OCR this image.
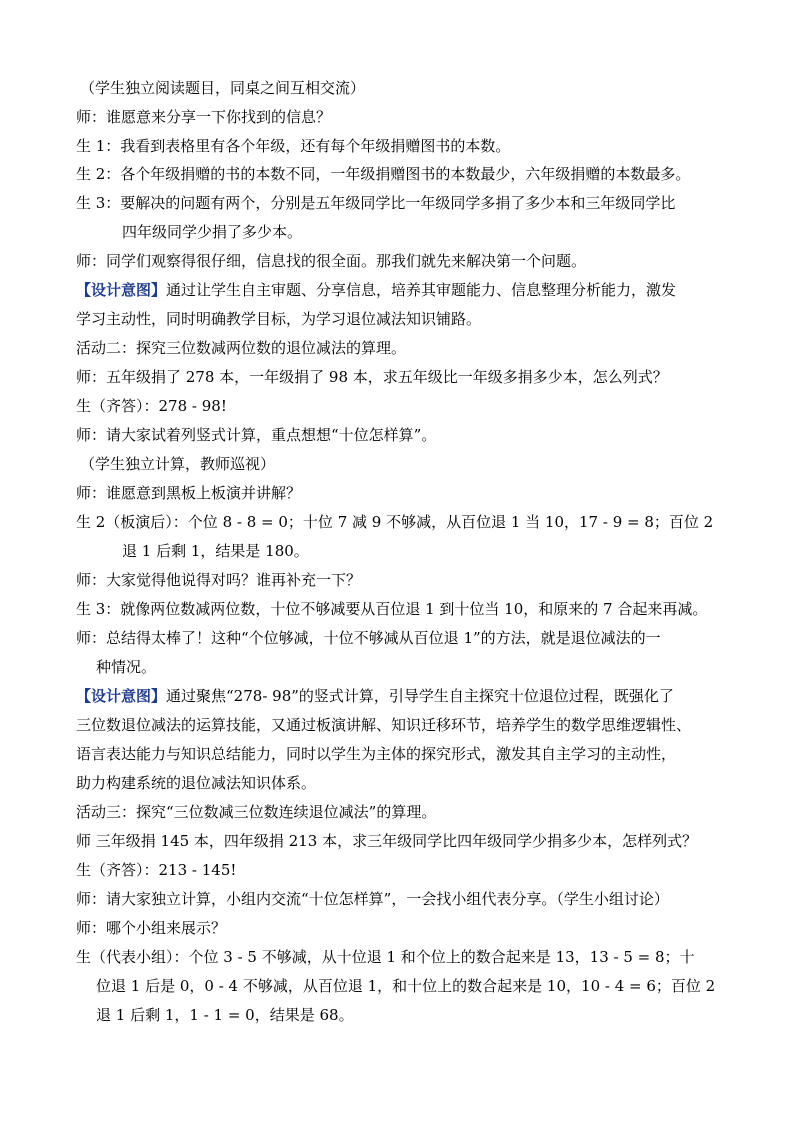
（学生独立阅读题目，同桌之间互相交流）
师：谁愿意来分享一下你找到的信息？
生 1：我看到表格里有各个年级，还有每个年级捐赠图书的本数。
生 2：各个年级捐赠的书的本数不同，一年级捐赠图书的本数最少，六年级捐赠的本数最多。
生 3：要解决的问题有两个，分别是五年级同学比一年级同学多捐了多少本和三年级同学比
四年级同学少捐了多少本。
师：同学们观察得很仔细，信息找的很全面。那我们就先来解决第一个问题。
【设计意图】通过让学生自主审题、分享信息，培养其审题能力、信息整理分析能力，激发
学习主动性，同时明确教学目标，为学习退位减法知识铺路。
活动二：探究三位数减两位数的退位减法的算理。
师：五年级捐了 278 本，一年级捐了 98 本，求五年级比一年级多捐多少本，怎么列式？
生（齐答）：278 - 98!
师：请大家试着列竖式计算，重点想想“十位怎样算”。
（学生独立计算，教师巡视）
师：谁愿意到黑板上板演并讲解？
生 2（板演后）：个位 8 - 8 = 0；十位 7 减 9 不够减，从百位退 1 当 10，17 - 9 = 8；百位 2
退 1 后剩 1，结果是 180。
师：大家觉得他说得对吗？谁再补充一下？
生 3：就像两位数减两位数，十位不够减要从百位退 1 到十位当 10，和原来的 7 合起来再减。
师：总结得太棒了！这种“个位够减，十位不够减从百位退 1”的方法，就是退位减法的一
种情况。
【设计意图】通过聚焦“278- 98”的竖式计算，引导学生自主探究十位退位过程，既强化了
三位数退位减法的运算技能，又通过板演讲解、知识迁移环节，培养学生的数学思维逻辑性、
语言表达能力与知识总结能力，同时以学生为主体的探究形式，激发其自主学习的主动性，
助力构建系统的退位减法知识体系。
活动三：探究“三位数减三位数连续退位减法”的算理。
师 三年级捐 145 本，四年级捐 213 本，求三年级同学比四年级同学少捐多少本，怎样列式？
生（齐答）：213 - 145!
师：请大家独立计算，小组内交流“十位怎样算”，一会找小组代表分享。（学生小组讨论）
师：哪个小组来展示？
生（代表小组）：个位 3 - 5 不够减，从十位退 1 和个位上的数合起来是 13，13 - 5 = 8；十
位退 1 后是 0，0 - 4 不够减，从百位退 1，和十位上的数合起来是 10，10 - 4 = 6；百位 2
退 1 后剩 1，1 - 1 = 0，结果是 68。
